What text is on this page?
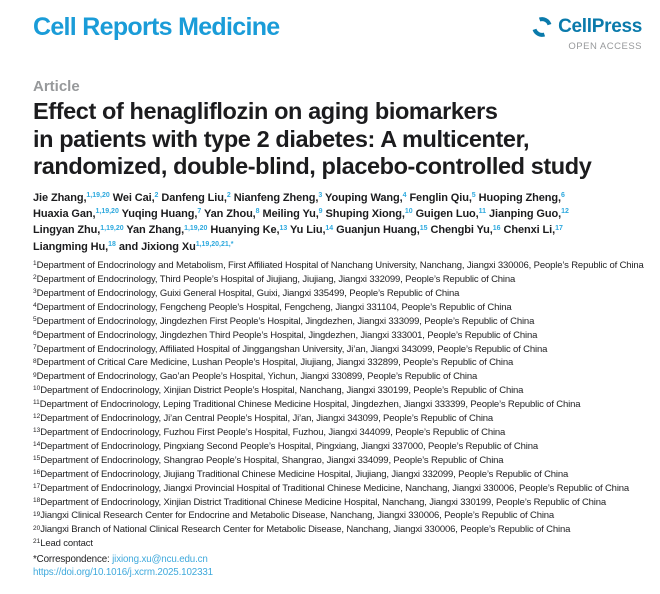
Cell Reports Medicine	CellPress
OPEN ACCESS
Article
Effect of henagliflozin on aging biomarkers
in patients with type 2 diabetes: A multicenter,
randomized, double-blind, placebo-controlled study
Jie Zhang,$^{1,19,20}$ Wei Cai,$^2$ Danfeng Liu,$^2$ Nianfeng Zheng,$^3$ Youping Wang,$^4$ Fenglin Qiu,$^5$ Huoping Zheng,$^6$
Huaxia Gan,$^{1,19,20}$ Yuqing Huang,$^7$ Yan Zhou,$^8$ Meiling Yu,$^9$ Shuping Xiong,$^{10}$ Guigen Luo,$^{11}$ Jianping Guo,$^{12}$
Lingyan Zhu,$^{1,19,20}$ Yan Zhang,$^{1,19,20}$ Huanying Ke,$^{13}$ Yu Liu,$^{14}$ Guanjun Huang,$^{15}$ Chengbi Yu,$^{16}$ Chenxi Li,$^{17}$
Liangming Hu,$^{18}$ and Jixiong $Xu^{1,19,20,21,*}$
$^1$Department of Endocrinology and Metabolism, First Affiliated Hospital of Nanchang University, Nanchang, Jiangxi 330006, People’s Republic of China
$^2$Department of Endocrinology, Third People’s Hospital of Jiujiang, Jiujiang, Jiangxi 332099, People’s Republic of China
$^3$Department of Endocrinology, Guixi General Hospital, Guixi, Jiangxi 335499, People’s Republic of China
$^4$Department of Endocrinology, Fengcheng People’s Hospital, Fengcheng, Jiangxi 331104, People’s Republic of China
$^5$Department of Endocrinology, Jingdezhen First People’s Hospital, Jingdezhen, Jiangxi 333099, People’s Republic of China
$^6$Department of Endocrinology, Jingdezhen Third People’s Hospital, Jingdezhen, Jiangxi 333001, People’s Republic of China
$^7$Department of Endocrinology, Affiliated Hospital of Jinggangshan University, Ji’an, Jiangxi 343099, People’s Republic of China
$^8$Department of Critical Care Medicine, Lushan People’s Hospital, Jiujiang, Jiangxi 332899, People’s Republic of China
$^9$Department of Endocrinology, Gao’an People’s Hospital, Yichun, Jiangxi 330899, People’s Republic of China
$^{10}$Department of Endocrinology, Xinjian District People’s Hospital, Nanchang, Jiangxi 330199, People’s Republic of China
$^{11}$Department of Endocrinology, Leping Traditional Chinese Medicine Hospital, Jingdezhen, Jiangxi 333399, People’s Republic of China
$^{12}$Department of Endocrinology, Ji’an Central People’s Hospital, Ji’an, Jiangxi 343099, People’s Republic of China
$^{13}$Department of Endocrinology, Fuzhou First People’s Hospital, Fuzhou, Jiangxi 344099, People’s Republic of China
$^{14}$Department of Endocrinology, Pingxiang Second People’s Hospital, Pingxiang, Jiangxi 337000, People’s Republic of China
$^{15}$Department of Endocrinology, Shangrao People’s Hospital, Shangrao, Jiangxi 334099, People’s Republic of China
$^{16}$Department of Endocrinology, Jiujiang Traditional Chinese Medicine Hospital, Jiujiang, Jiangxi 332099, People’s Republic of China
$^{17}$Department of Endocrinology, Jiangxi Provincial Hospital of Traditional Chinese Medicine, Nanchang, Jiangxi 330006, People’s Republic of China
$^{18}$Department of Endocrinology, Xinjian District Traditional Chinese Medicine Hospital, Nanchang, Jiangxi 330199, People’s Republic of China
$^{19}$Jiangxi Clinical Research Center for Endocrine and Metabolic Disease, Nanchang, Jiangxi 330006, People’s Republic of China
$^{20}$Jiangxi Branch of National Clinical Research Center for Metabolic Disease, Nanchang, Jiangxi 330006, People’s Republic of China
$^{21}$Lead contact
*Correspondence: jixiong.xu@ncu.edu.cn
https://doi.org/10.1016/j.xcrm.2025.102331
